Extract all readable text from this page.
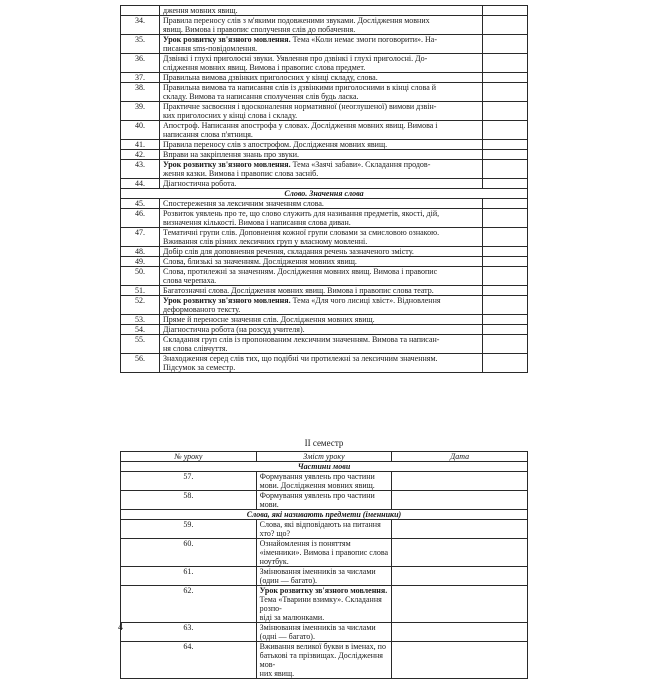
	дження мовних явищ.	

34.	Правила переносу слів з м'якими подовженими звуками. Дослідження мовних
явищ. Вимова і правопис сполучення слів до побачення.	

35.	Урок розвитку зв'язного мовлення. Тема «Коли немає змоги поговорити». На-
писання sms-повідомлення.	

36.	Дзвінкі і глухі приголосні звуки. Уявлення про дзвінкі і глухі приголосні. До-
слідження мовних явищ. Вимова і правопис слова предмет.	

37.	Правильна вимова дзвінких приголосних у кінці складу, слова.	

38.	Правильна вимова та написання слів із дзвінкими приголосними в кінці слова й
складу. Вимова та написання сполучення слів будь ласка.	

39.	Практичне засвоєння і вдосконалення нормативної (неоглушеної) вимови дзвін-
ких приголосних у кінці слова і складу.	

40.	Апостроф. Написання апострофа у словах. Дослідження мовних явищ. Вимова і
написання слова п'ятниця.	

41.	Правила переносу слів з апострофом. Дослідження мовних явищ.	

42.	Вправи на закріплення знань про звуки.	

43.	Урок розвитку зв'язного мовлення. Тема «Заячі забави». Складання продов-
ження казки. Вимова і правопис слова засніб.	

44.	Діагностична робота.	

Слово. Значення слова		
45.	Спостереження за лексичним значенням слова.	

46.	Розвиток уявлень про те, що слово служить для називання предметів, якості, дій,
визначення кількості. Вимова і написання слова диван.	

47.	Тематичні групи слів. Доповнення кожної групи словами за смисловою ознакою.
Вживання слів різних лексичних груп у власному мовленні.	

48.	Добір слів для доповнення речення, складання речень зазначеного змісту.	

49.	Слова, близькі за значенням. Дослідження мовних явищ.	

50.	Слова, протилежні за значенням. Дослідження мовних явищ. Вимова і правопис
слова черепаха.	

51.	Багатозначні слова. Дослідження мовних явищ. Вимова і правопис слова театр.	

52.	Урок розвитку зв'язного мовлення. Тема «Для чого лисиці хвіст». Відновлення
деформованого тексту.	

53.	Пряме й переносне значення слів. Дослідження мовних явищ.	

54.	Діагностична робота (на розсуд учителя).	

55.	Складання груп слів із пропонованим лексичним значенням. Вимова та написан-
ня слова слівчуття.	

56.	Знаходження серед слів тих, що подібні чи протилежні за лексичним значенням.
Підсумок за семестр.	

ІІ семестр
№ уроку	Зміст уроку	Дата
Частини мови		
57.	Формування уявлень про частини мови. Дослідження мовних явищ.	

58.	Формування уявлень про частини мови.	

Слова, які називають предмети (іменники)		
59.	Слова, які відповідають на питання хто? що?	

60.	Ознайомлення із поняттям «іменники». Вимова і правопис слова ноутбук.	

61.	Змінювання іменників за числами (один — багато).	

62.	Урок розвитку зв'язного мовлення. Тема «Тварини взимку». Складання розпо-
віді за малюнками.	

63.	Змінювання іменників за числами (одні — багато).	

64.	Вживання великої букви в іменах, по батькові та прізвищах. Дослідження мов-
них явищ.	

4
